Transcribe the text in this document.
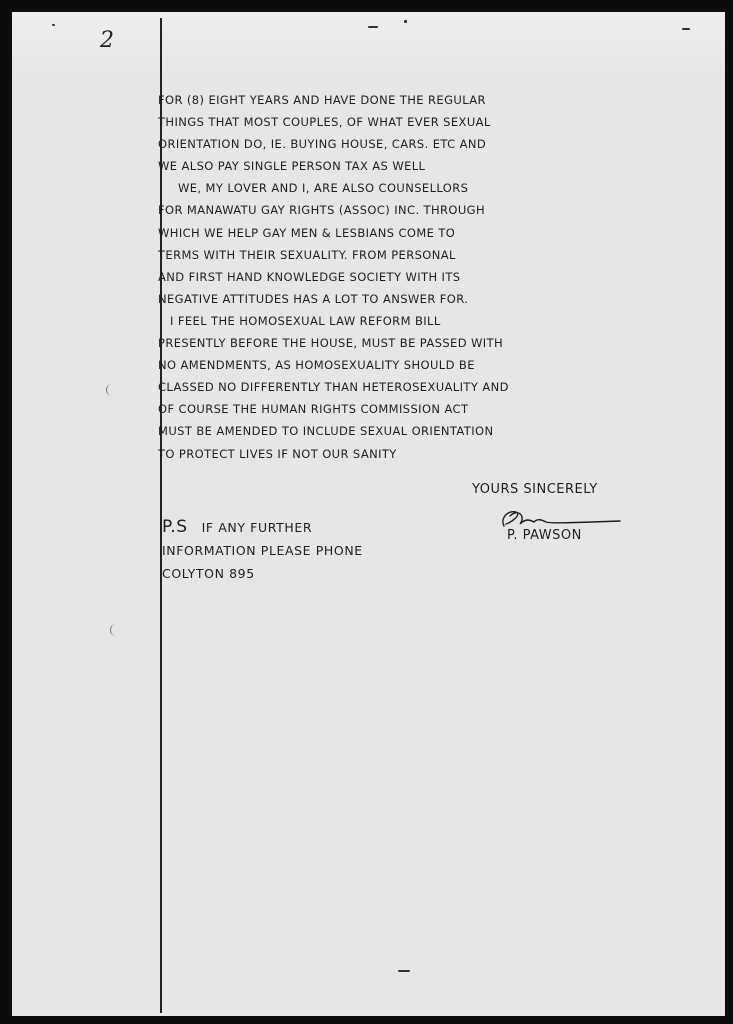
2
FOR (8) EIGHT YEARS AND HAVE DONE THE REGULAR
THINGS THAT MOST COUPLES, OF WHAT EVER SEXUAL
ORIENTATION DO, IE. BUYING HOUSE, CARS. ETC AND
WE ALSO PAY SINGLE PERSON TAX AS WELL
WE, MY LOVER AND I, ARE ALSO COUNSELLORS
FOR MANAWATU GAY RIGHTS (ASSOC) INC. THROUGH
WHICH WE HELP GAY MEN & LESBIANS COME TO
TERMS WITH THEIR SEXUALITY. FROM PERSONAL
AND FIRST HAND KNOWLEDGE SOCIETY WITH ITS
NEGATIVE ATTITUDES HAS A LOT TO ANSWER FOR.
I FEEL THE HOMOSEXUAL LAW REFORM BILL
PRESENTLY BEFORE THE HOUSE, MUST BE PASSED WITH
NO AMENDMENTS, AS HOMOSEXUALITY SHOULD BE
CLASSED NO DIFFERENTLY THAN HETEROSEXUALITY AND
OF COURSE THE HUMAN RIGHTS COMMISSION ACT
MUST BE AMENDED TO INCLUDE SEXUAL ORIENTATION
TO PROTECT LIVES IF NOT OUR SANITY
YOURS SINCERELY
P. PAWSON
P.S IF ANY FURTHER
INFORMATION PLEASE PHONE
COLYTON 895
